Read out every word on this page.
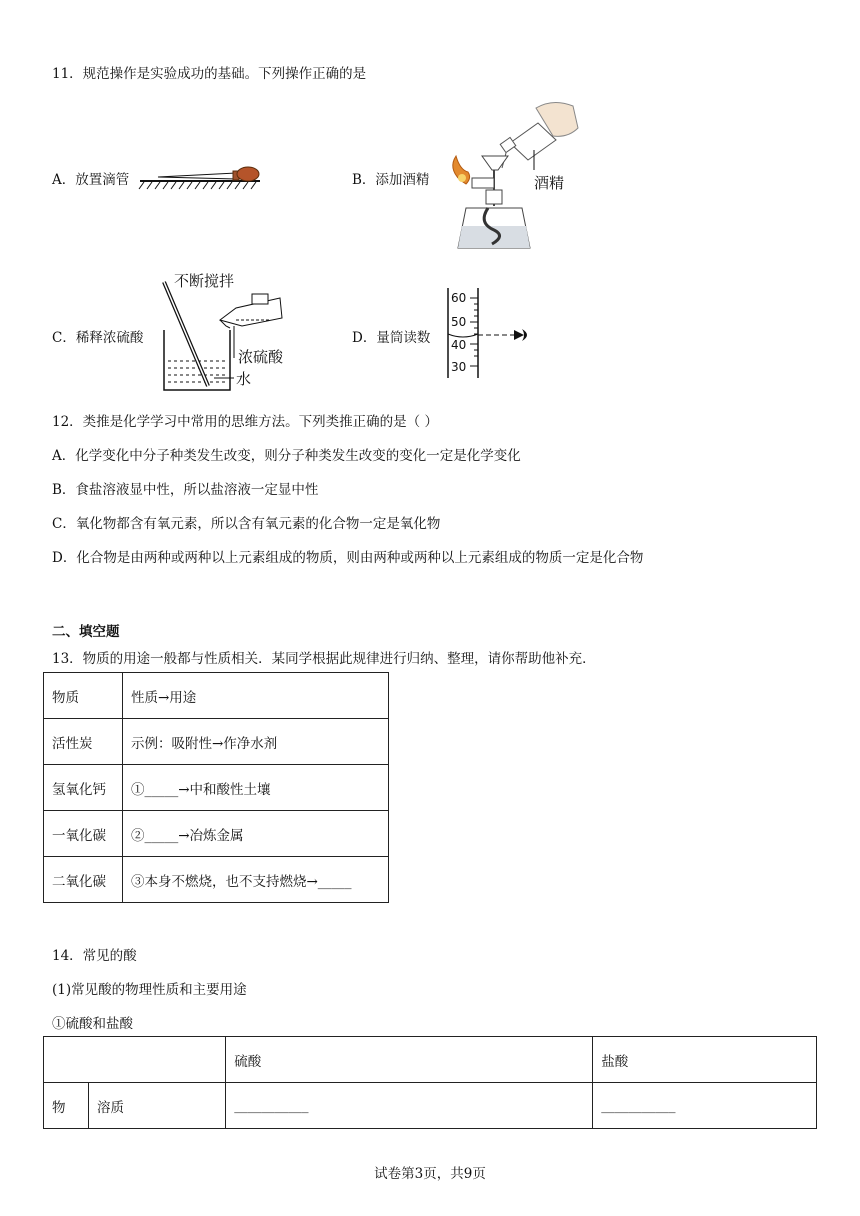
11．规范操作是实验成功的基础。下列操作正确的是
A．放置滴管	B．添加酒精	酒精
C．稀释浓硫酸
不断搅拌
浓硫酸
水
D．量筒读数
60
50
40
30
12．类推是化学学习中常用的思维方法。下列类推正确的是（ ）
A．化学变化中分子种类发生改变，则分子种类发生改变的变化一定是化学变化
B．食盐溶液显中性，所以盐溶液一定显中性
C．氧化物都含有氧元素，所以含有氧元素的化合物一定是氧化物
D．化合物是由两种或两种以上元素组成的物质，则由两种或两种以上元素组成的物质一定是化合物
二、填空题
13．物质的用途一般都与性质相关．某同学根据此规律进行归纳、整理，请你帮助他补充．
物质	性质→用途
活性炭	示例：吸附性→作净水剂
氢氧化钙	①_____→中和酸性土壤
一氧化碳	②_____→冶炼金属
二氧化碳	③本身不燃烧，也不支持燃烧→_____
14．常见的酸
(1)常见酸的物理性质和主要用途
①硫酸和盐酸
		硫酸	盐酸
物	溶质	___________	___________
试卷第3页，共9页
